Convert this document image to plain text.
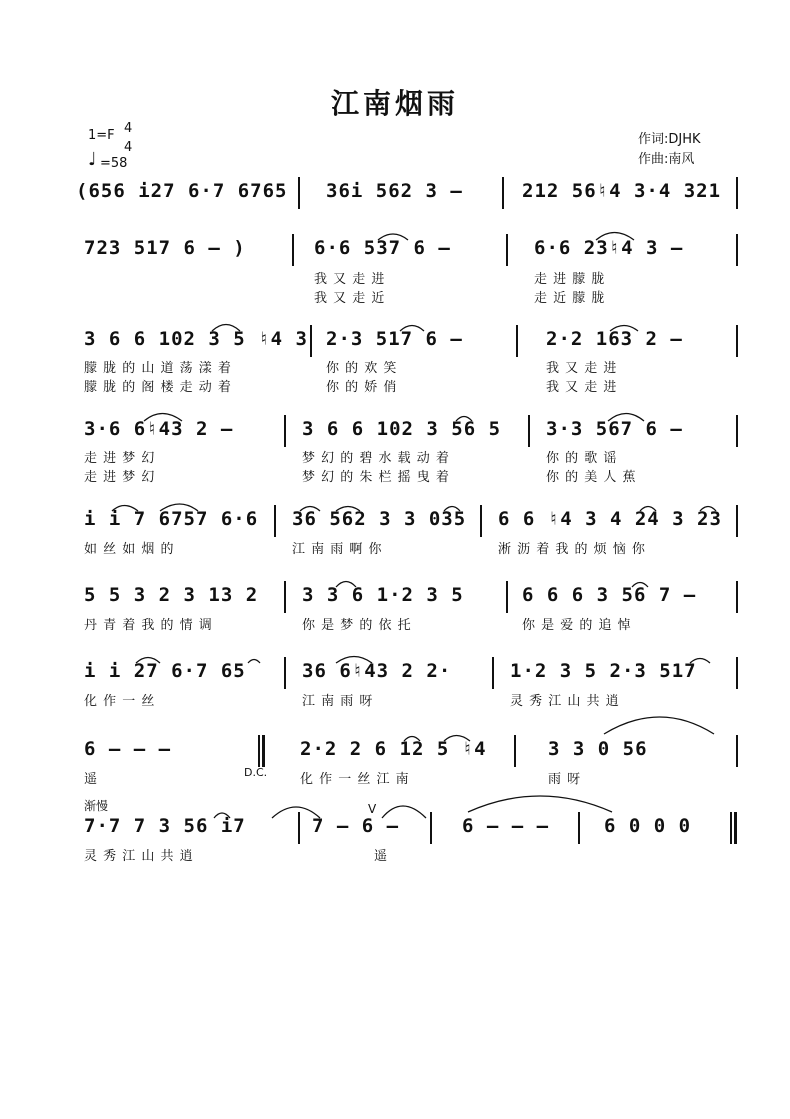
江南烟雨
1=F 4
4
♩ =58
作词:DJHK
作曲:南风
(656 i27 6·7 6765 36i 562 3 –	212 56♮4 3·4 321
723 517 6 – )	6·6 537 6 –	6·6 23♮4 3 –
我 又 走 进	走 进 朦 胧
我 又 走 近	走 近 朦 胧
3 6 6 102 3 5 ♮4 3 2·3 517 6 –	2·2 163 2 –
朦 胧 的 山 道 荡 漾 着	你 的 欢 笑	我 又 走 进
朦 胧 的 阁 楼 走 动 着	你 的 娇 俏	我 又 走 进
3·6 6♮43 2 –	3 6 6 102 3 56 5 3·3 567 6 –
走 进 梦 幻	梦 幻 的 碧 水 载 动 着	你 的 歌 谣
走 进 梦 幻	梦 幻 的 朱 栏 摇 曳 着	你 的 美 人 蕉
i i 7 6757 6·6 36 562 3 3 035 6 6 ♮4 3 4 24 3 23
如 丝 如 烟 的	江 南 雨 啊 你	淅 沥 着 我 的 烦 恼 你
5 5 3 2 3 13 2 3 3 6 1·2 3 5	6 6 6 3 56 7 –
丹 青 着 我 的 情 调	你 是 梦 的 依 托	你 是 爱 的 追 悼
i i 27 6·7 65	36 6♮43 2 2·	1·2 3 5 2·3 517
化 作 一 丝	江 南 雨 呀	灵 秀 江 山 共 逍
6 – – –
D.C.
2·2 2 6 12 5 ♮4	3 3 0 56
遥	化 作 一 丝 江 南	雨 呀
渐慢	V
7·7 7 3 56 i7	7 – 6 –	6 – – –	6 0 0 0
灵 秀 江 山 共 逍	遥
